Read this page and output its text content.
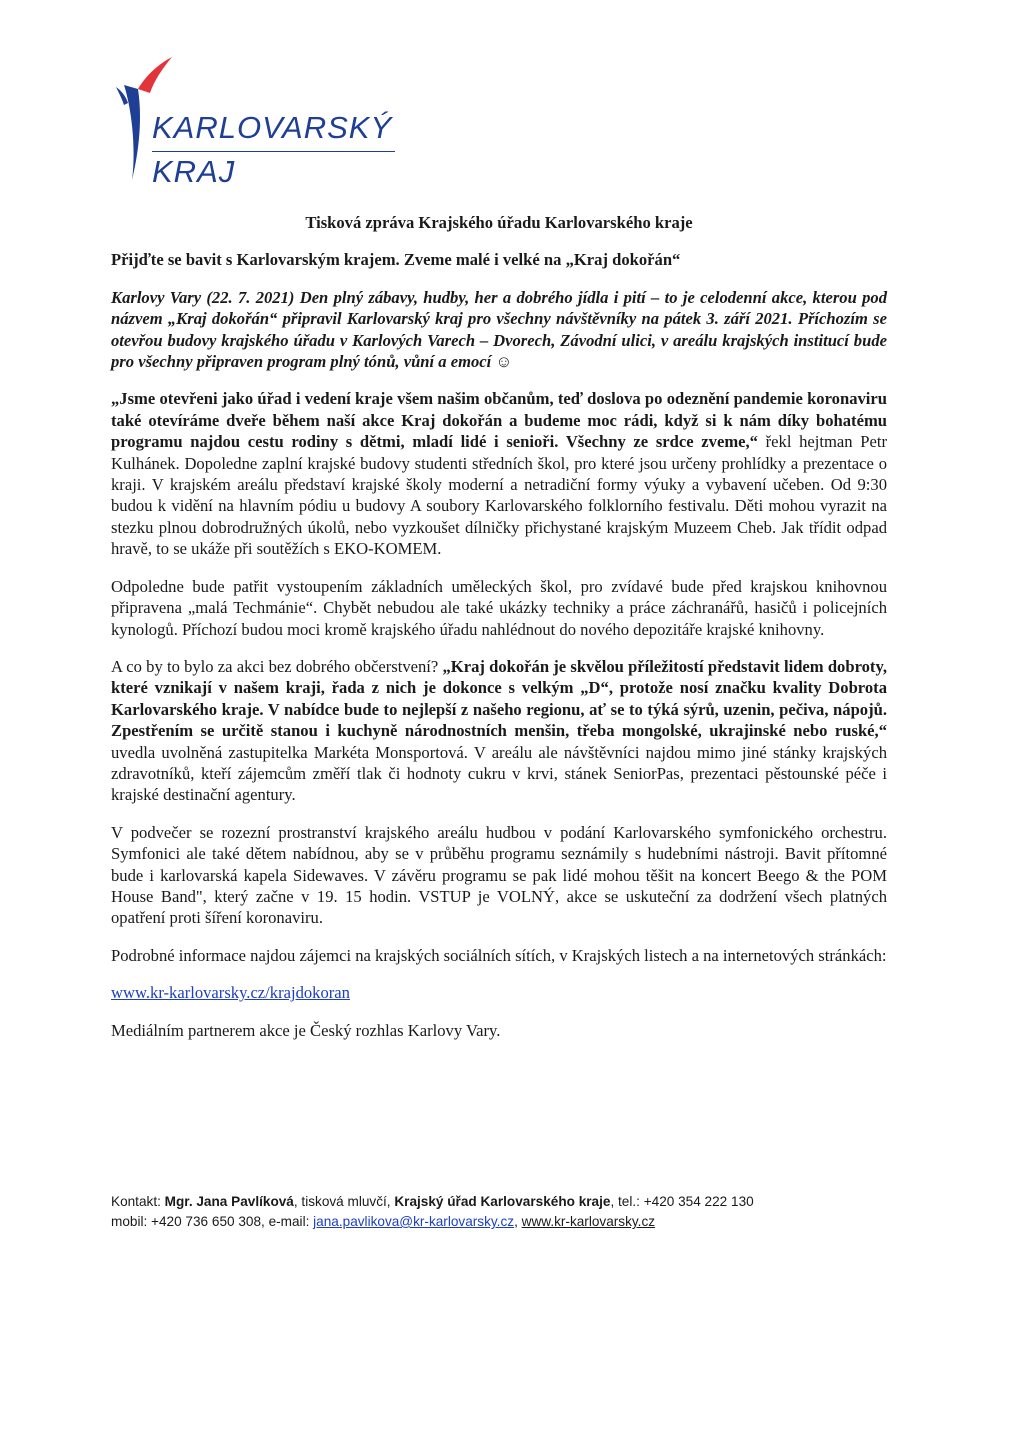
KARLOVARSKÝ
KRAJ

Tisková zpráva Krajského úřadu Karlovarského kraje

Přijďte se bavit s Karlovarským krajem. Zveme malé i velké na „Kraj dokořán“

Karlovy Vary (22. 7. 2021) Den plný zábavy, hudby, her a dobrého jídla i pití – to je celodenní akce, kterou pod názvem „Kraj dokořán“ připravil Karlovarský kraj pro všechny návštěvníky na pátek 3. září 2021. Příchozím se otevřou budovy krajského úřadu v Karlových Varech – Dvorech, Závodní ulici, v areálu krajských institucí bude pro všechny připraven program plný tónů, vůní a emocí ☺

„Jsme otevřeni jako úřad i vedení kraje všem našim občanům, teď doslova po odeznění pandemie koronaviru také otevíráme dveře během naší akce Kraj dokořán a budeme moc rádi, když si k nám díky bohatému programu najdou cestu rodiny s dětmi, mladí lidé i senioři. Všechny ze srdce zveme,“ řekl hejtman Petr Kulhánek. Dopoledne zaplní krajské budovy studenti středních škol, pro které jsou určeny prohlídky a prezentace o kraji. V krajském areálu představí krajské školy moderní a netradiční formy výuky a vybavení učeben. Od 9:30 budou k vidění na hlavním pódiu u budovy A soubory Karlovarského folklorního festivalu. Děti mohou vyrazit na stezku plnou dobrodružných úkolů, nebo vyzkoušet dílničky přichystané krajským Muzeem Cheb. Jak třídit odpad hravě, to se ukáže při soutěžích s EKO-KOMEM.

Odpoledne bude patřit vystoupením základních uměleckých škol, pro zvídavé bude před krajskou knihovnou připravena „malá Techmánie“. Chybět nebudou ale také ukázky techniky a práce záchranářů, hasičů i policejních kynologů. Příchozí budou moci kromě krajského úřadu nahlédnout do nového depozitáře krajské knihovny.

A co by to bylo za akci bez dobrého občerstvení? „Kraj dokořán je skvělou příležitostí představit lidem dobroty, které vznikají v našem kraji, řada z nich je dokonce s velkým „D“, protože nosí značku kvality Dobrota Karlovarského kraje. V nabídce bude to nejlepší z našeho regionu, ať se to týká sýrů, uzenin, pečiva, nápojů. Zpestřením se určitě stanou i kuchyně národnostních menšin, třeba mongolské, ukrajinské nebo ruské,“ uvedla uvolněná zastupitelka Markéta Monsportová. V areálu ale návštěvníci najdou mimo jiné stánky krajských zdravotníků, kteří zájemcům změří tlak či hodnoty cukru v krvi, stánek SeniorPas, prezentaci pěstounské péče i krajské destinační agentury.

V podvečer se rozezní prostranství krajského areálu hudbou v podání Karlovarského symfonického orchestru. Symfonici ale také dětem nabídnou, aby se v průběhu programu seznámily s hudebními nástroji. Bavit přítomné bude i karlovarská kapela Sidewaves. V závěru programu se pak lidé mohou těšit na koncert Beego & the POM House Band", který začne v 19. 15 hodin. VSTUP je VOLNÝ, akce se uskuteční za dodržení všech platných opatření proti šíření koronaviru.

Podrobné informace najdou zájemci na krajských sociálních sítích, v Krajských listech a na internetových stránkách:

www.kr-karlovarsky.cz/krajdokoran

Mediálním partnerem akce je Český rozhlas Karlovy Vary.

Kontakt: Mgr. Jana Pavlíková, tisková mluvčí, Krajský úřad Karlovarského kraje, tel.: +420 354 222 130
mobil: +420 736 650 308, e-mail: jana.pavlikova@kr-karlovarsky.cz, www.kr-karlovarsky.cz
